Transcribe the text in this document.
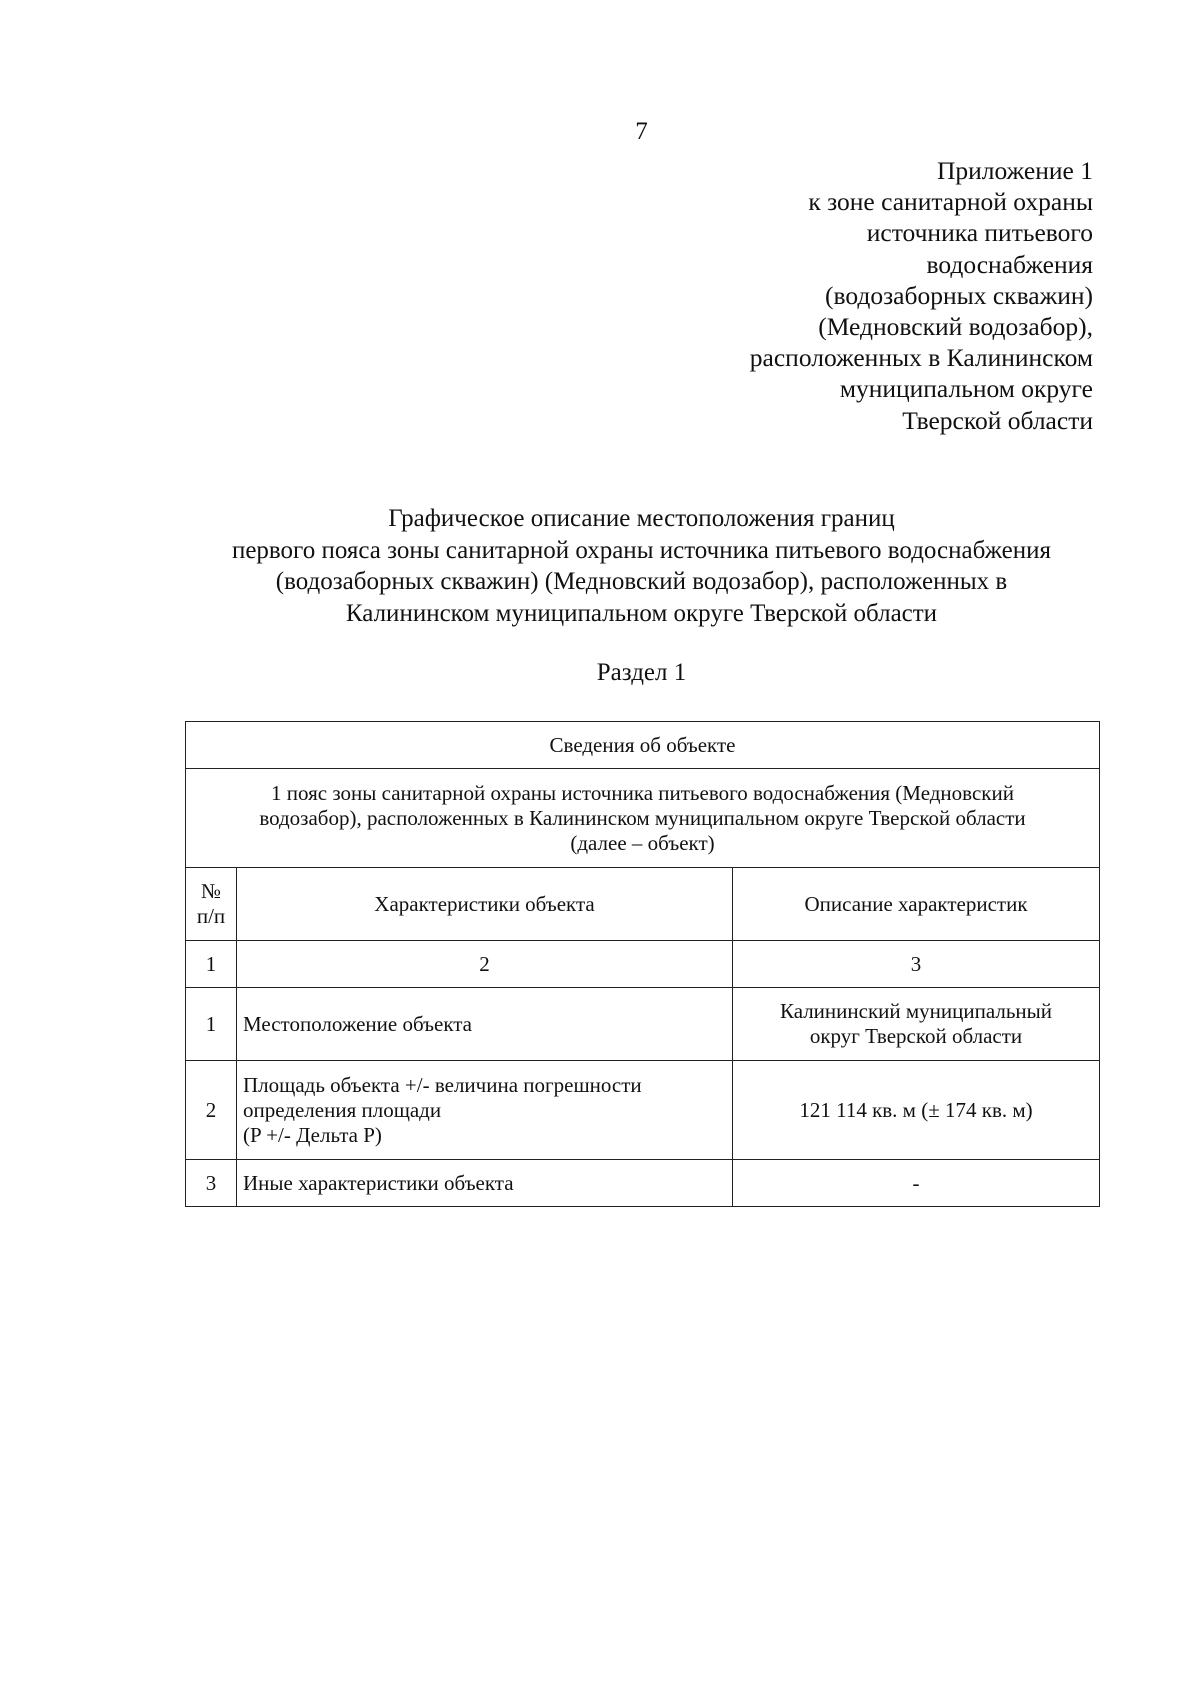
7
Приложение 1
к зоне санитарной охраны
источника питьевого
водоснабжения
(водозаборных скважин)
(Медновский водозабор),
расположенных в Калининском
муниципальном округе
Тверской области
Графическое описание местоположения границ
первого пояса зоны санитарной охраны источника питьевого водоснабжения
(водозаборных скважин) (Медновский водозабор), расположенных в
Калининском муниципальном округе Тверской области
Раздел 1
Сведения об объекте		

1 пояс зоны санитарной охраны источника питьевого водоснабжения (Медновский
водозабор), расположенных в Калининском муниципальном округе Тверской области
(далее – объект)		

№
п/п	Характеристики объекта	Описание характеристик
1	2	3
1	Местоположение объекта	Калининский муниципальный
округ Тверской области

2	Площадь объекта +/- величина погрешности
определения площади
(P +/- Дельта P)	121 114 кв. м (± 174 кв. м)

3	Иные характеристики объекта	-
